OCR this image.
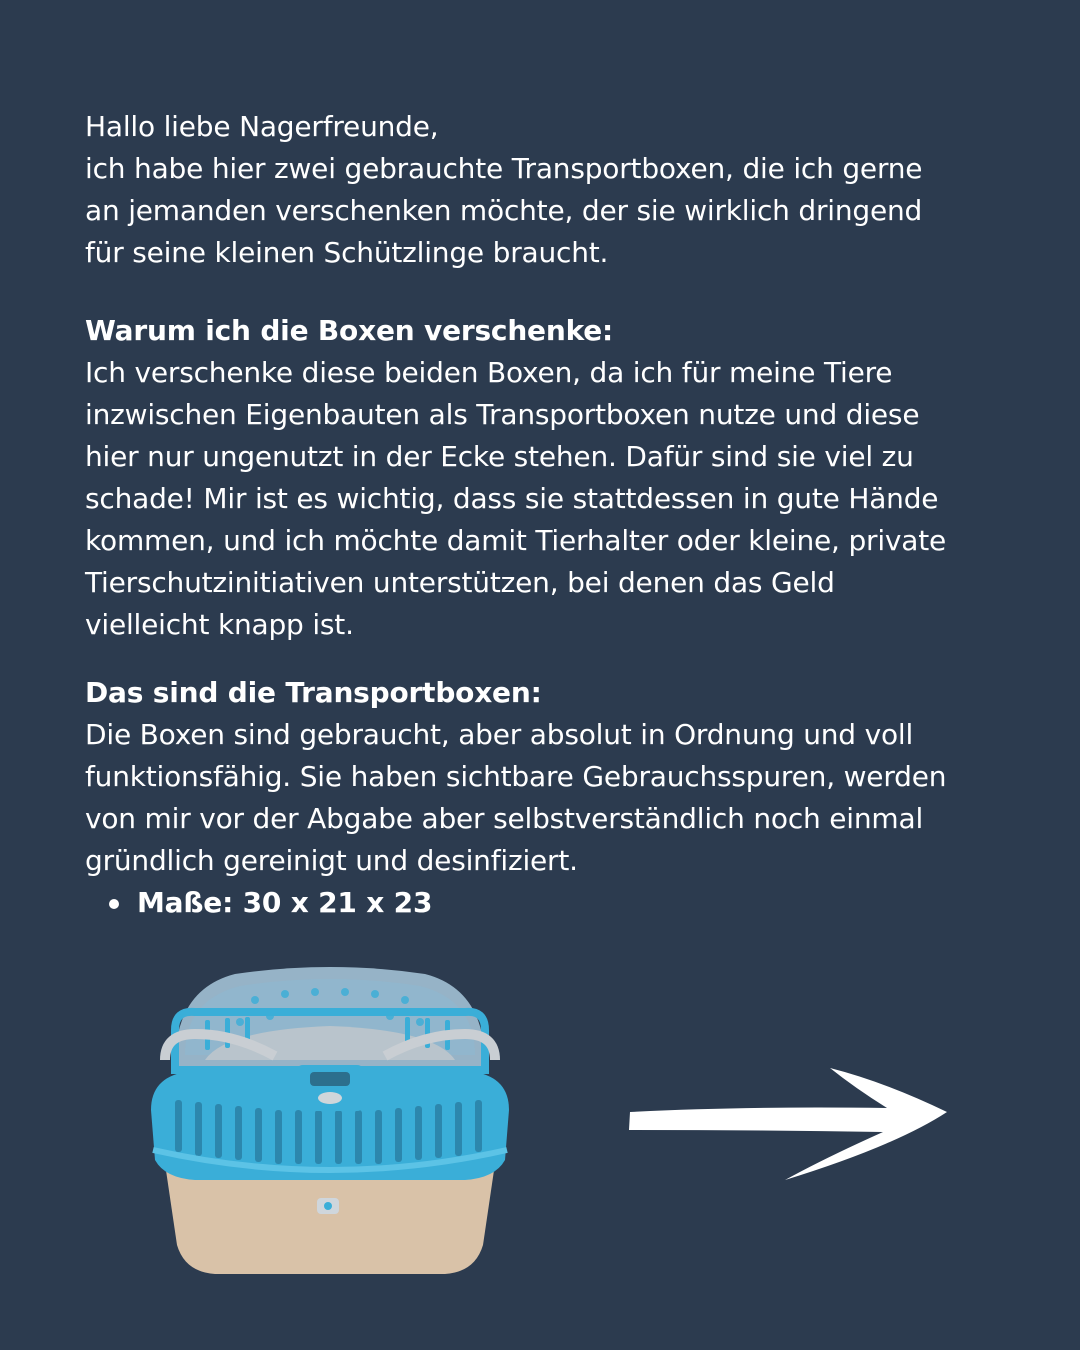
Hallo liebe Nagerfreunde,

ich habe hier zwei gebrauchte Transportboxen, die ich gerne

an jemanden verschenken möchte, der sie wirklich dringend

für seine kleinen Schützlinge braucht.

Warum ich die Boxen verschenke:

Ich verschenke diese beiden Boxen, da ich für meine Tiere

inzwischen Eigenbauten als Transportboxen nutze und diese

hier nur ungenutzt in der Ecke stehen. Dafür sind sie viel zu

schade! Mir ist es wichtig, dass sie stattdessen in gute Hände

kommen, und ich möchte damit Tierhalter oder kleine, private

Tierschutzinitiativen unterstützen, bei denen das Geld

vielleicht knapp ist.

Das sind die Transportboxen:

Die Boxen sind gebraucht, aber absolut in Ordnung und voll

funktionsfähig. Sie haben sichtbare Gebrauchsspuren, werden

von mir vor der Abgabe aber selbstverständlich noch einmal

gründlich gereinigt und desinfiziert.

Maße: 30 x 21 x 23
